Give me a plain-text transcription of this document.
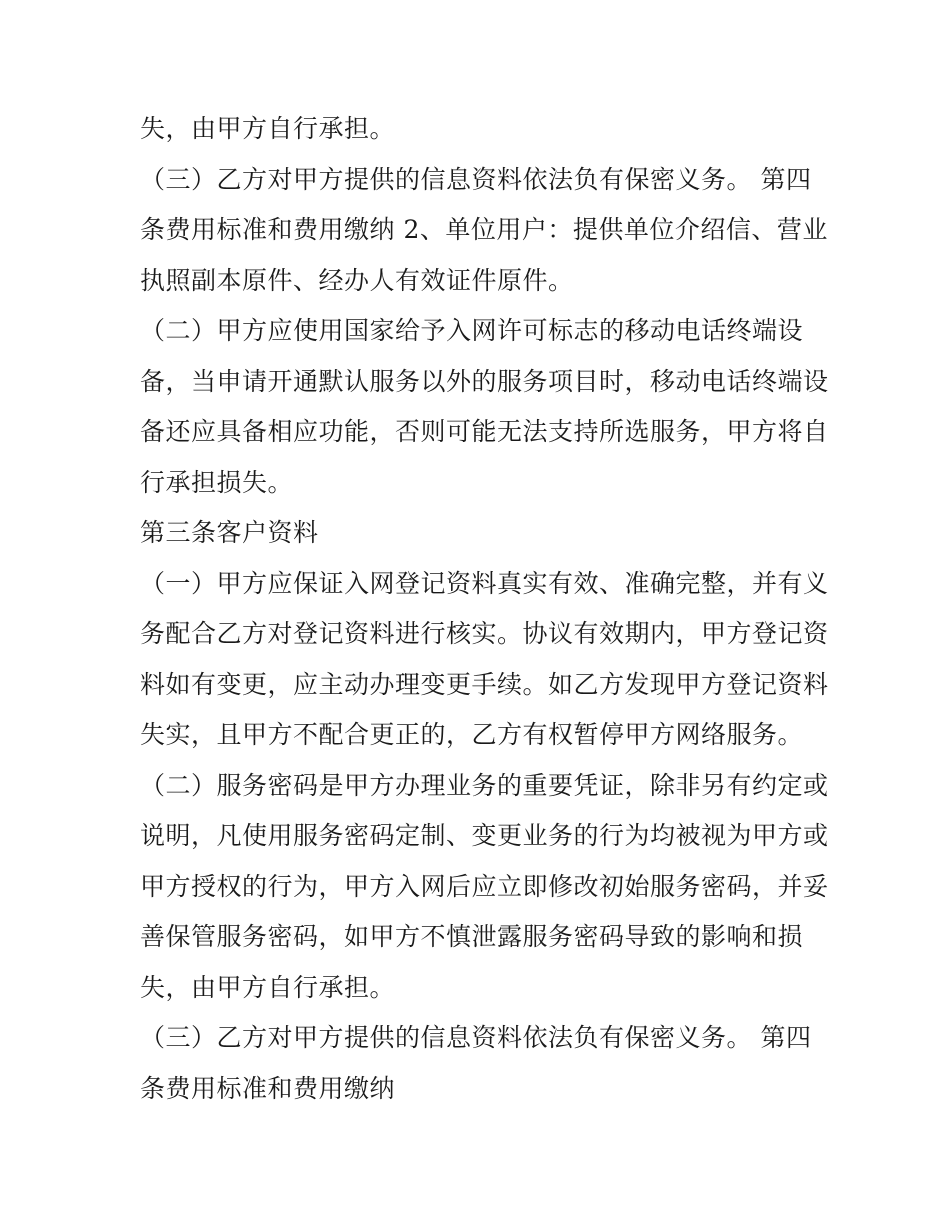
失，由甲方自行承担。

（三）乙方对甲方提供的信息资料依法负有保密义务。 第四
条费用标准和费用缴纳 2、单位用户：提供单位介绍信、营业
执照副本原件、经办人有效证件原件。

（二）甲方应使用国家给予入网许可标志的移动电话终端设
备，当申请开通默认服务以外的服务项目时，移动电话终端设
备还应具备相应功能，否则可能无法支持所选服务，甲方将自
行承担损失。

第三条客户资料

（一）甲方应保证入网登记资料真实有效、准确完整，并有义
务配合乙方对登记资料进行核实。协议有效期内，甲方登记资
料如有变更，应主动办理变更手续。如乙方发现甲方登记资料
失实，且甲方不配合更正的，乙方有权暂停甲方网络服务。

（二）服务密码是甲方办理业务的重要凭证，除非另有约定或
说明，凡使用服务密码定制、变更业务的行为均被视为甲方或
甲方授权的行为，甲方入网后应立即修改初始服务密码，并妥
善保管服务密码，如甲方不慎泄露服务密码导致的影响和损
失，由甲方自行承担。

（三）乙方对甲方提供的信息资料依法负有保密义务。 第四
条费用标准和费用缴纳
